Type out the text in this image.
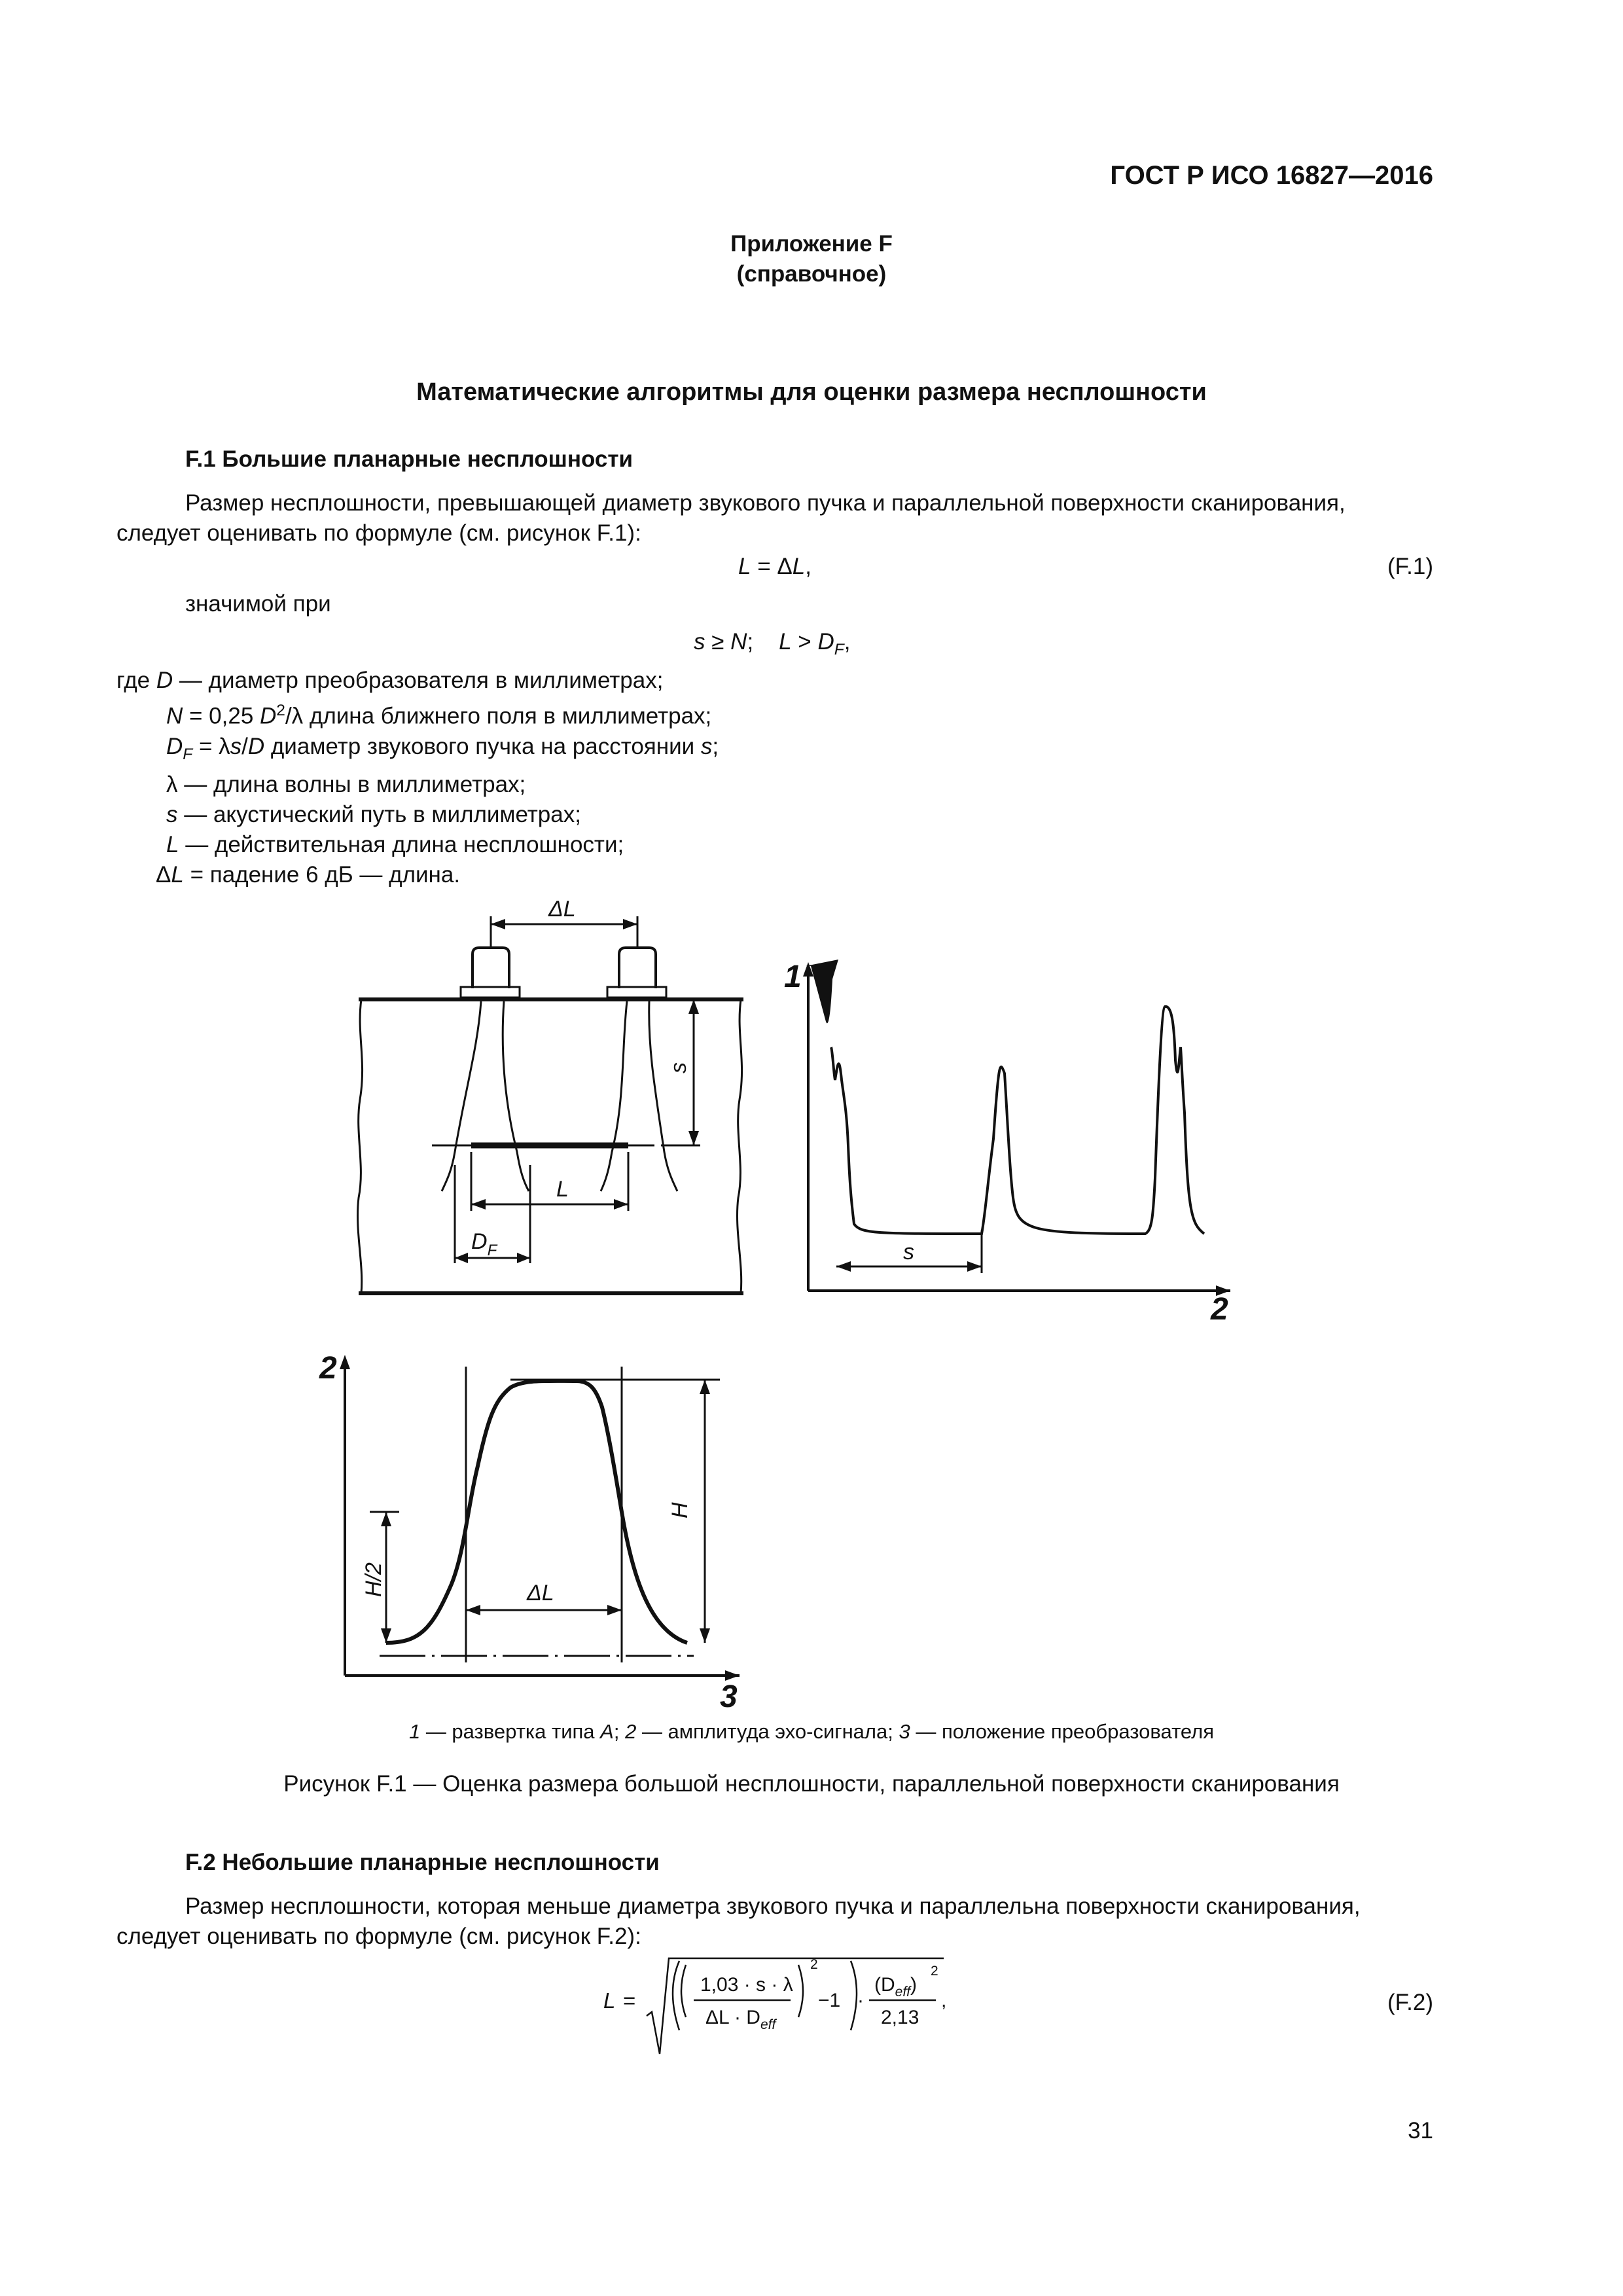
ГОСТ Р ИСО 16827—2016
Приложение F
(справочное)
Математические алгоритмы для оценки размера несплошности
F.1 Большие планарные несплошности
Размер несплошности, превышающей диаметр звукового пучка и параллельной поверхности сканирования,
следует оценивать по формуле (см. рисунок F.1):
L = ΔL,	(F.1)
значимой при
s ≥ N;    $L > D_F$,
где D — диаметр преобразователя в миллиметрах;
N = 0,25 $D^2/\lambda$ длина ближнего поля в миллиметрах;
$D_F = \lambda s/D$ диаметр звукового пучка на расстоянии s;
λ — длина волны в миллиметрах;
s — акустический путь в миллиметрах;
L — действительная длина несплошности;
ΔL = падение 6 дБ — длина.
ΔL
s
L
$D_F$	s
H
H/2	ΔL
1
2
2
3
1 — развертка типа A; 2 — амплитуда эхо-сигнала; 3 — положение преобразователя
Рисунок F.1 — Оценка размера большой несплошности, параллельной поверхности сканирования
F.2 Небольшие планарные несплошности
Размер несплошности, которая меньше диаметра звукового пучка и параллельна поверхности сканирования,
следует оценивать по формуле (см. рисунок F.2):
L =
1,03 · s · λ
$\Delta L \cdot D_{eff}$
2
−1 ·
$(D_{eff})$
2
2,13
,	(F.2)
31
